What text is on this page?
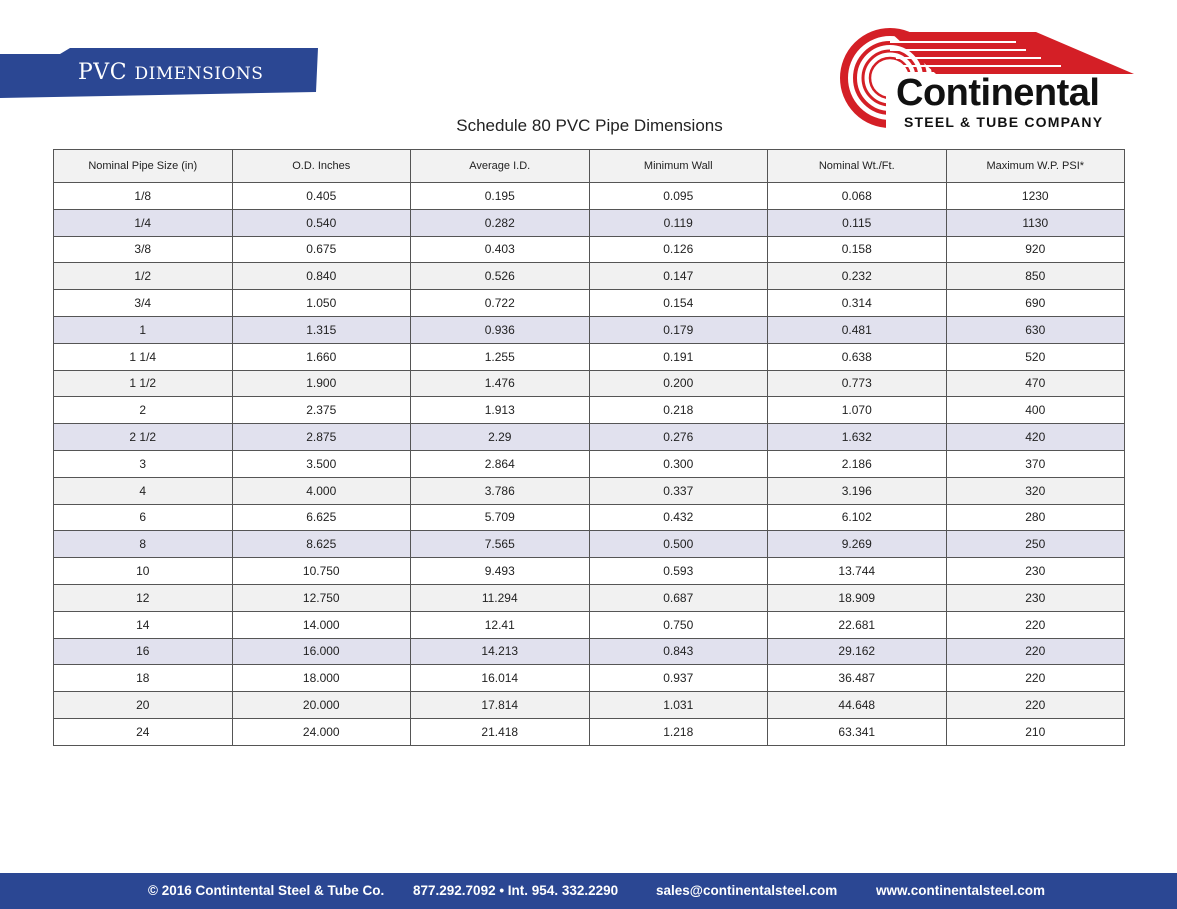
PVC DIMENSIONS	Continental
STEEL & TUBE COMPANY
Schedule 80 PVC Pipe Dimensions
Nominal Pipe Size (in)	O.D. Inches	Average I.D.	Minimum Wall	Nominal Wt./Ft.	Maximum W.P. PSI*
1/8	0.405	0.195	0.095	0.068	1230
1/4	0.540	0.282	0.119	0.115	1130
3/8	0.675	0.403	0.126	0.158	920
1/2	0.840	0.526	0.147	0.232	850
3/4	1.050	0.722	0.154	0.314	690
1	1.315	0.936	0.179	0.481	630
1 1/4	1.660	1.255	0.191	0.638	520
1 1/2	1.900	1.476	0.200	0.773	470
2	2.375	1.913	0.218	1.070	400
2 1/2	2.875	2.29	0.276	1.632	420
3	3.500	2.864	0.300	2.186	370
4	4.000	3.786	0.337	3.196	320
6	6.625	5.709	0.432	6.102	280
8	8.625	7.565	0.500	9.269	250
10	10.750	9.493	0.593	13.744	230
12	12.750	11.294	0.687	18.909	230
14	14.000	12.41	0.750	22.681	220
16	16.000	14.213	0.843	29.162	220
18	18.000	16.014	0.937	36.487	220
20	20.000	17.814	1.031	44.648	220
24	24.000	21.418	1.218	63.341	210
© 2016 Contintental Steel & Tube Co. 877.292.7092 • Int. 954. 332.2290	sales@continentalsteel.com	www.continentalsteel.com
